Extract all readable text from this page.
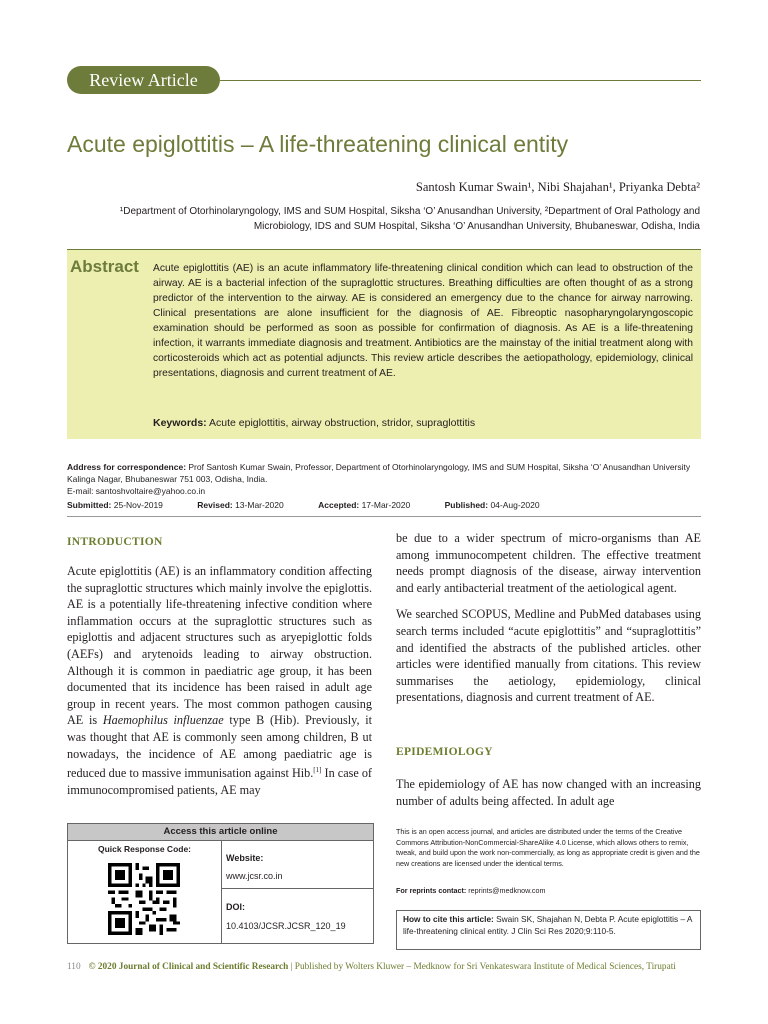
Review Article
Acute epiglottitis – A life-threatening clinical entity
Santosh Kumar Swain¹, Nibi Shajahan¹, Priyanka Debta²
¹Department of Otorhinolaryngology, IMS and SUM Hospital, Siksha ‘O’ Anusandhan University, ²Department of Oral Pathology and
Microbiology, IDS and SUM Hospital, Siksha ‘O’ Anusandhan University, Bhubaneswar, Odisha, India
Abstract Acute epiglottitis (AE) is an acute inflammatory life-threatening clinical condition which can lead to obstruction of the airway. AE is a bacterial infection of the supraglottic structures. Breathing difficulties are often thought of as a strong predictor of the intervention to the airway. AE is considered an emergency due to the chance for airway narrowing. Clinical presentations are alone insufficient for the diagnosis of AE. Fibreoptic nasopharyngolaryngoscopic examination should be performed as soon as possible for confirmation of diagnosis. As AE is a life-threatening infection, it warrants immediate diagnosis and treatment. Antibiotics are the mainstay of the initial treatment along with corticosteroids which act as potential adjuncts. This review article describes the aetiopathology, epidemiology, clinical presentations, diagnosis and current treatment of AE.
Keywords: Acute epiglottitis, airway obstruction, stridor, supraglottitis
Address for correspondence: Prof Santosh Kumar Swain, Professor, Department of Otorhinolaryngology, IMS and SUM Hospital, Siksha ‘O’ Anusandhan University Kalinga Nagar, Bhubaneswar 751 003, Odisha, India.
E-mail: santoshvoltaire@yahoo.co.in
Submitted: 25-Nov-2019	Revised: 13-Mar-2020	Accepted: 17-Mar-2020	Published: 04-Aug-2020
INTRODUCTION

Acute epiglottitis (AE) is an inflammatory condition affecting the supraglottic structures which mainly involve the epiglottis. AE is a potentially life-threatening infective condition where inflammation occurs at the supraglottic structures such as epiglottis and adjacent structures such as aryepiglottic folds (AEFs) and arytenoids leading to airway obstruction. Although it is common in paediatric age group, it has been documented that its incidence has been raised in adult age group in recent years. The most common pathogen causing AE is Haemophilus influenzae type B (Hib). Previously, it was thought that AE is commonly seen among children, B ut nowadays, the incidence of AE among paediatric age is reduced due to massive immunisation against Hib.[1] In case of immunocompromised patients, AE may

be due to a wider spectrum of micro-organisms than AE among immunocompetent children. The effective treatment needs prompt diagnosis of the disease, airway intervention and early antibacterial treatment of the aetiological agent.

We searched SCOPUS, Medline and PubMed databases using search terms included “acute epiglottitis” and “supraglottitis” and identified the abstracts of the published articles. other articles were identified manually from citations. This review summarises the aetiology, epidemiology, clinical presentations, diagnosis and current treatment of AE.

EPIDEMIOLOGY

The epidemiology of AE has now changed with an increasing number of adults being affected. In adult age

Access this article online
Quick Response Code:
Website:
www.jcsr.co.in
DOI:
10.4103/JCSR.JCSR_120_19
This is an open access journal, and articles are distributed under the terms of the Creative Commons Attribution-NonCommercial-ShareAlike 4.0 License, which allows others to remix, tweak, and build upon the work non-commercially, as long as appropriate credit is given and the new creations are licensed under the identical terms.
For reprints contact: reprints@medknow.com
How to cite this article: Swain SK, Shajahan N, Debta P. Acute epiglottitis – A life-threatening clinical entity. J Clin Sci Res 2020;9:110-5.
110 © 2020 Journal of Clinical and Scientific Research | Published by Wolters Kluwer – Medknow for Sri Venkateswara Institute of Medical Sciences, Tirupati
